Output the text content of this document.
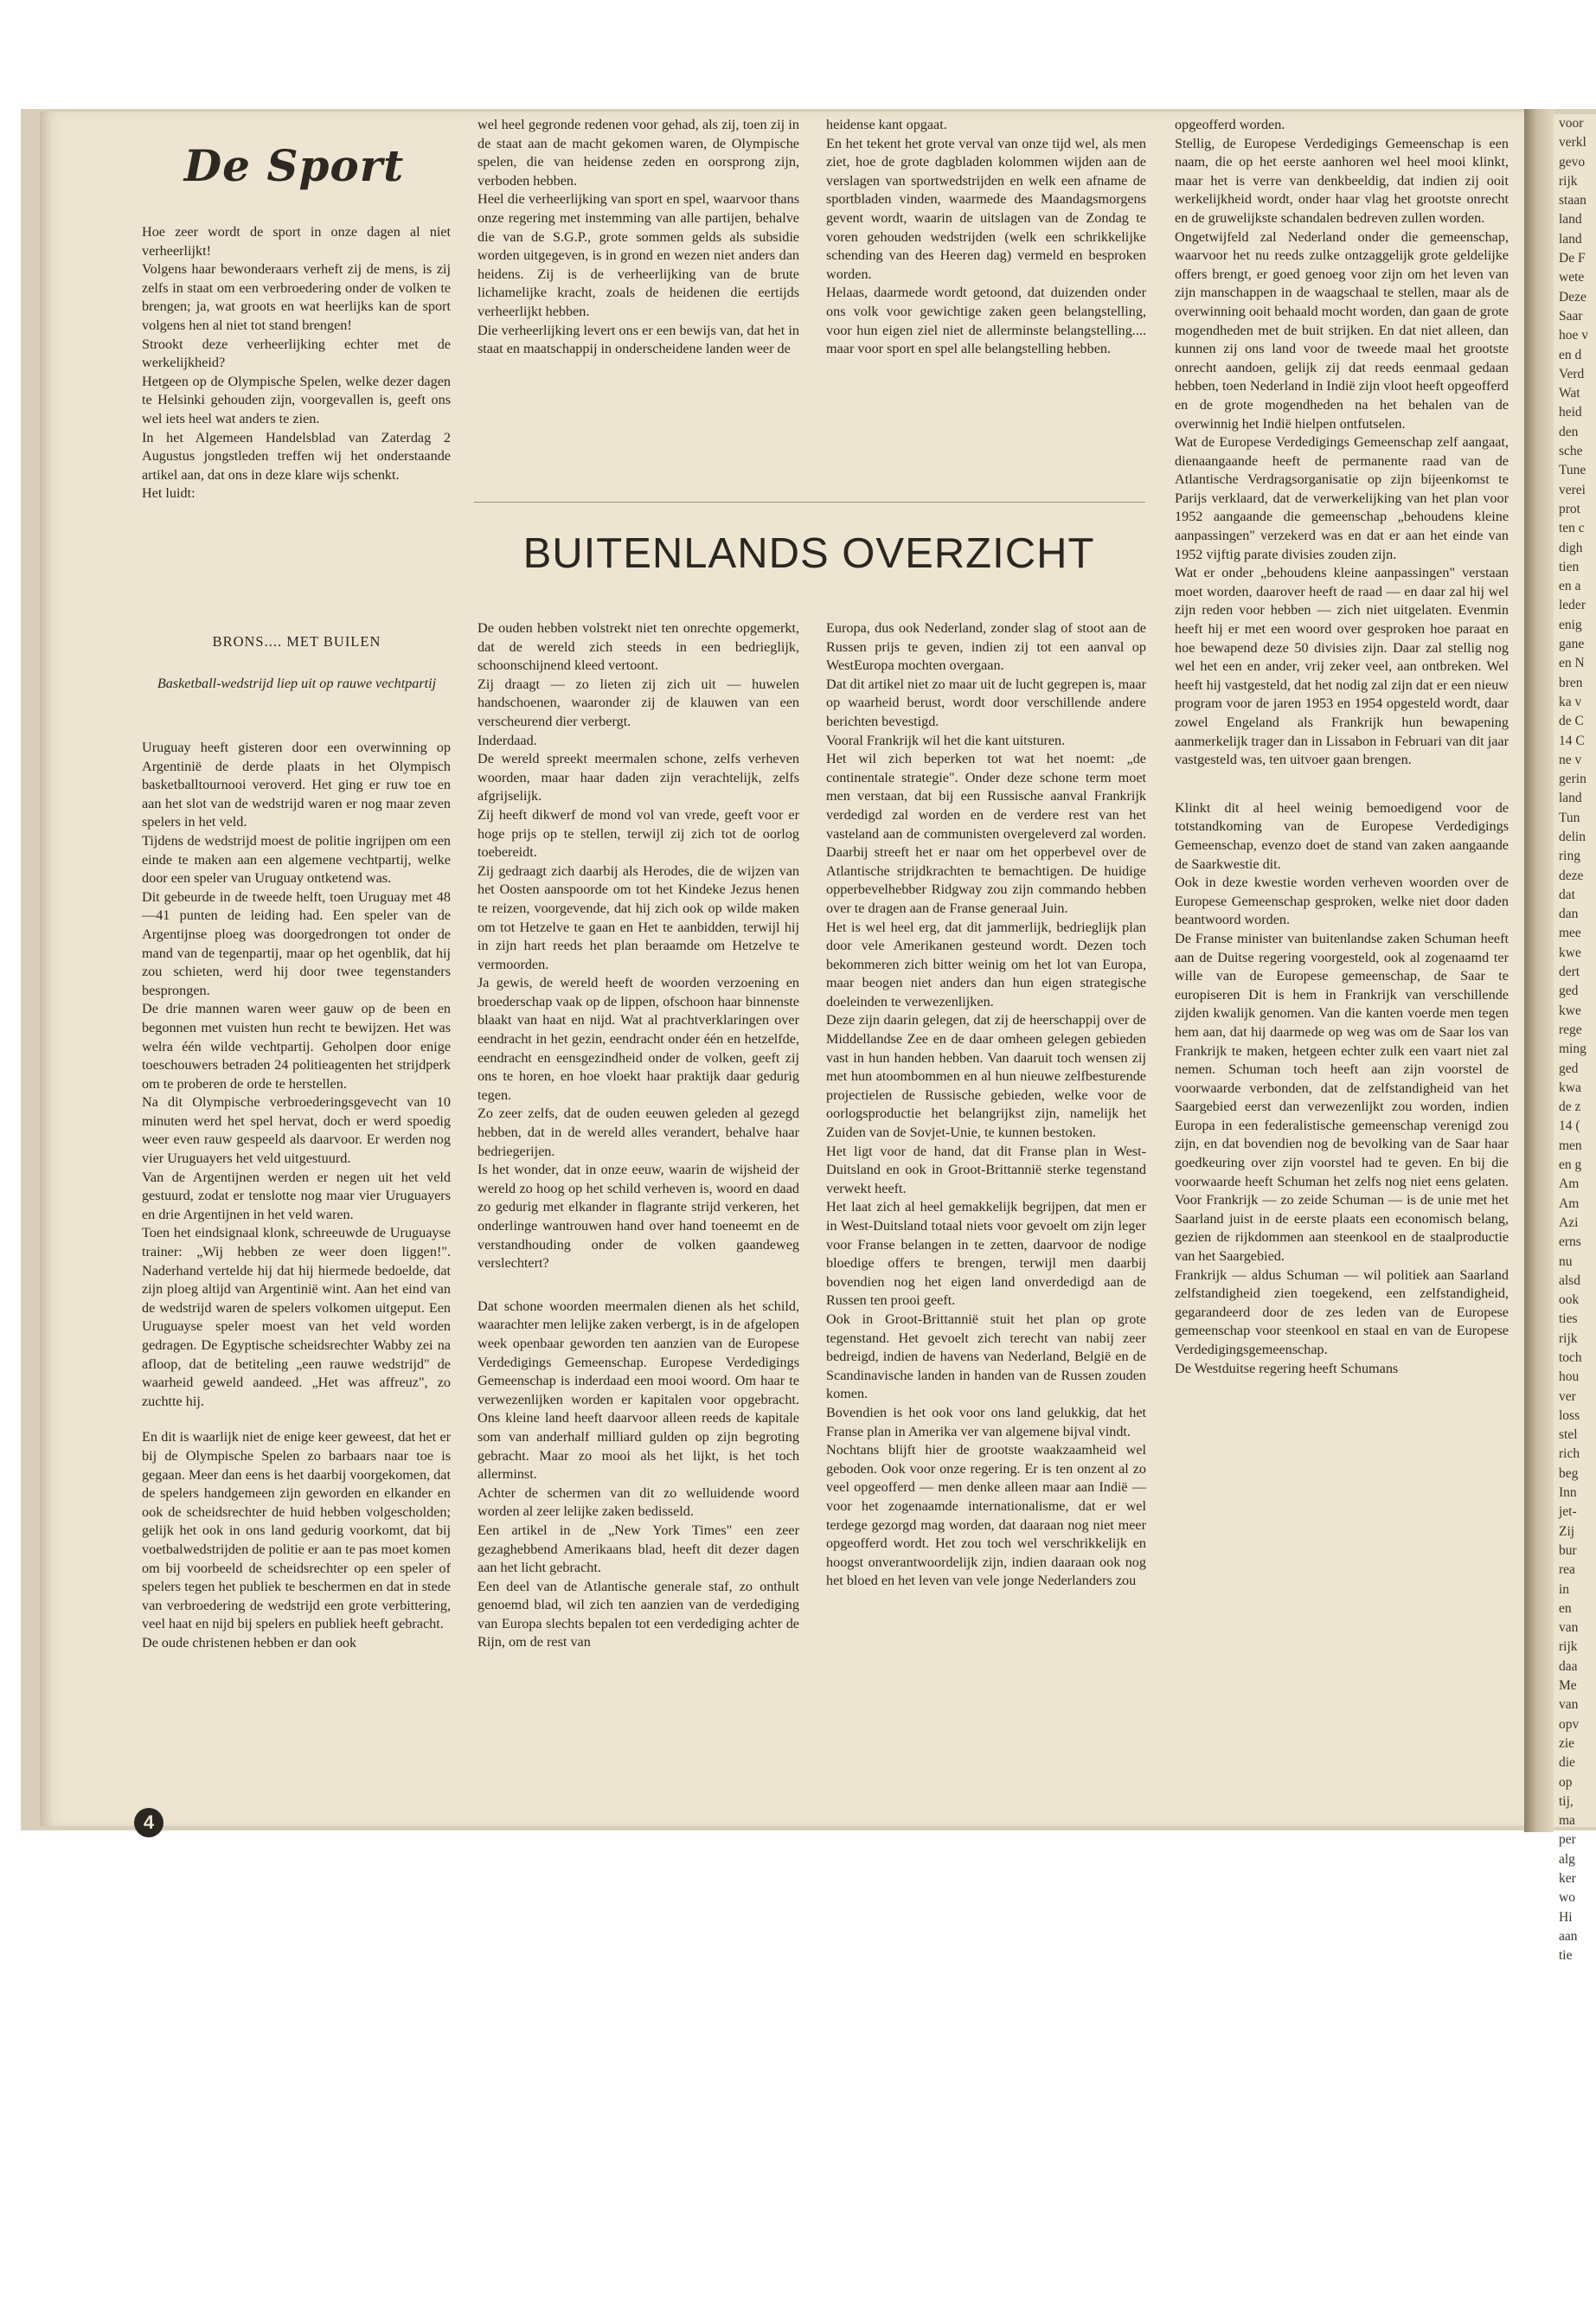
voor
verkl
gevo
rijk
staan
land
land
De F
wete
Deze
Saar
hoe v
en d
Verd
Wat
heid
den
sche
Tune
verei
prot
ten c
digh
tien
en a
leder
enig
gane
en N
bren
ka v
de C
14 C
ne v
gerin
land
Tun
delin
ring
deze
dat
dan
mee
kwe
dert
ged
kwe
rege
ming
ged
kwa
de z
14 (
men
en g
Am
Am
Azi
erns
nu
alsd
ook
ties
rijk
toch
hou
ver
loss
stel
rich
beg
Inn
jet-
Zij
bur
rea
in
en
van
rijk
daa
Me
van
opv
zie
die
op
tij,
ma
per
alg
ker
wo
Hi
aan
tie
De Sport

Hoe zeer wordt de sport in onze dagen al niet verheerlijkt!

Volgens haar bewonderaars verheft zij de mens, is zij zelfs in staat om een verbroedering onder de volken te brengen; ja, wat groots en wat heerlijks kan de sport volgens hen al niet tot stand brengen!

Strookt deze verheerlijking echter met de werkelijkheid?

Hetgeen op de Olympische Spelen, welke dezer dagen te Helsinki gehouden zijn, voorgevallen is, geeft ons wel iets heel wat anders te zien.

In het Algemeen Handelsblad van Zaterdag 2 Augustus jongstleden treffen wij het onderstaande artikel aan, dat ons in deze klare wijs schenkt.

Het luidt:

BRONS.... MET BUILEN
Basketball-wedstrijd liep uit op rauwe vechtpartij

Uruguay heeft gisteren door een overwinning op Argentinië de derde plaats in het Olympisch basketballtournooi veroverd. Het ging er ruw toe en aan het slot van de wedstrijd waren er nog maar zeven spelers in het veld.

Tijdens de wedstrijd moest de politie ingrijpen om een einde te maken aan een algemene vechtpartij, welke door een speler van Uruguay ontketend was.

Dit gebeurde in de tweede helft, toen Uruguay met 48—41 punten de leiding had. Een speler van de Argentijnse ploeg was doorgedrongen tot onder de mand van de tegenpartij, maar op het ogenblik, dat hij zou schieten, werd hij door twee tegenstanders besprongen.

De drie mannen waren weer gauw op de been en begonnen met vuisten hun recht te bewijzen. Het was welra één wilde vechtpartij. Geholpen door enige toeschouwers betraden 24 politieagenten het strijdperk om te proberen de orde te herstellen.

Na dit Olympische verbroederingsgevecht van 10 minuten werd het spel hervat, doch er werd spoedig weer even rauw gespeeld als daarvoor. Er werden nog vier Uruguayers het veld uitgestuurd.

Van de Argentijnen werden er negen uit het veld gestuurd, zodat er tenslotte nog maar vier Uruguayers en drie Argentijnen in het veld waren.

Toen het eindsignaal klonk, schreeuwde de Uruguayse trainer: „Wij hebben ze weer doen liggen!". Naderhand vertelde hij dat hij hiermede bedoelde, dat zijn ploeg altijd van Argentinië wint. Aan het eind van de wedstrijd waren de spelers volkomen uitgeput. Een Uruguayse speler moest van het veld worden gedragen. De Egyptische scheidsrechter Wabby zei na afloop, dat de betiteling „een rauwe wedstrijd" de waarheid geweld aandeed. „Het was affreuz", zo zuchtte hij.

En dit is waarlijk niet de enige keer geweest, dat het er bij de Olympische Spelen zo barbaars naar toe is gegaan. Meer dan eens is het daarbij voorgekomen, dat de spelers handgemeen zijn geworden en elkander en ook de scheidsrechter de huid hebben volgescholden; gelijk het ook in ons land gedurig voorkomt, dat bij voetbalwedstrijden de politie er aan te pas moet komen om bij voorbeeld de scheidsrechter op een speler of spelers tegen het publiek te beschermen en dat in stede van verbroedering de wedstrijd een grote verbittering, veel haat en nijd bij spelers en publiek heeft gebracht.

De oude christenen hebben er dan ook

wel heel gegronde redenen voor gehad, als zij, toen zij in de staat aan de macht gekomen waren, de Olympische spelen, die van heidense zeden en oorsprong zijn, verboden hebben.

Heel die verheerlijking van sport en spel, waarvoor thans onze regering met instemming van alle partijen, behalve die van de S.G.P., grote sommen gelds als subsidie worden uitgegeven, is in grond en wezen niet anders dan heidens. Zij is de verheerlijking van de brute lichamelijke kracht, zoals de heidenen die eertijds verheerlijkt hebben.

Die verheerlijking levert ons er een bewijs van, dat het in staat en maatschappij in onderscheidene landen weer de

heidense kant opgaat.

En het tekent het grote verval van onze tijd wel, als men ziet, hoe de grote dagbladen kolommen wijden aan de verslagen van sportwedstrijden en welk een afname de sportbladen vinden, waarmede des Maandagsmorgens gevent wordt, waarin de uitslagen van de Zondag te voren gehouden wedstrijden (welk een schrikkelijke schending van des Heeren dag) vermeld en besproken worden.

Helaas, daarmede wordt getoond, dat duizenden onder ons volk voor gewichtige zaken geen belangstelling, voor hun eigen ziel niet de allerminste belangstelling.... maar voor sport en spel alle belangstelling hebben.

BUITENLANDS OVERZICHT

De ouden hebben volstrekt niet ten onrechte opgemerkt, dat de wereld zich steeds in een bedrieglijk, schoonschijnend kleed vertoont.

Zij draagt — zo lieten zij zich uit — huwelen handschoenen, waaronder zij de klauwen van een verscheurend dier verbergt.

Inderdaad.

De wereld spreekt meermalen schone, zelfs verheven woorden, maar haar daden zijn verachtelijk, zelfs afgrijselijk.

Zij heeft dikwerf de mond vol van vrede, geeft voor er hoge prijs op te stellen, terwijl zij zich tot de oorlog toebereidt.

Zij gedraagt zich daarbij als Herodes, die de wijzen van het Oosten aanspoorde om tot het Kindeke Jezus henen te reizen, voorgevende, dat hij zich ook op wilde maken om tot Hetzelve te gaan en Het te aanbidden, terwijl hij in zijn hart reeds het plan beraamde om Hetzelve te vermoorden.

Ja gewis, de wereld heeft de woorden verzoening en broederschap vaak op de lippen, ofschoon haar binnenste blaakt van haat en nijd. Wat al prachtverklaringen over eendracht in het gezin, eendracht onder één en hetzelfde, eendracht en eensgezindheid onder de volken, geeft zij ons te horen, en hoe vloekt haar praktijk daar gedurig tegen.

Zo zeer zelfs, dat de ouden eeuwen geleden al gezegd hebben, dat in de wereld alles verandert, behalve haar bedriegerijen.

Is het wonder, dat in onze eeuw, waarin de wijsheid der wereld zo hoog op het schild verheven is, woord en daad zo gedurig met elkander in flagrante strijd verkeren, het onderlinge wantrouwen hand over hand toeneemt en de verstandhouding onder de volken gaandeweg verslechtert?

Dat schone woorden meermalen dienen als het schild, waarachter men lelijke zaken verbergt, is in de afgelopen week openbaar geworden ten aanzien van de Europese Verdedigings Gemeenschap. Europese Verdedigings Gemeenschap is inderdaad een mooi woord. Om haar te verwezenlijken worden er kapitalen voor opgebracht. Ons kleine land heeft daarvoor alleen reeds de kapitale som van anderhalf milliard gulden op zijn begroting gebracht. Maar zo mooi als het lijkt, is het toch allerminst.

Achter de schermen van dit zo welluidende woord worden al zeer lelijke zaken bedisseld.

Een artikel in de „New York Times" een zeer gezaghebbend Amerikaans blad, heeft dit dezer dagen aan het licht gebracht.

Een deel van de Atlantische generale staf, zo onthult genoemd blad, wil zich ten aanzien van de verdediging van Europa slechts bepalen tot een verdediging achter de Rijn, om de rest van

Europa, dus ook Nederland, zonder slag of stoot aan de Russen prijs te geven, indien zij tot een aanval op WestEuropa mochten overgaan.

Dat dit artikel niet zo maar uit de lucht gegrepen is, maar op waarheid berust, wordt door verschillende andere berichten bevestigd.

Vooral Frankrijk wil het die kant uitsturen.

Het wil zich beperken tot wat het noemt: „de continentale strategie". Onder deze schone term moet men verstaan, dat bij een Russische aanval Frankrijk verdedigd zal worden en de verdere rest van het vasteland aan de communisten overgeleverd zal worden. Daarbij streeft het er naar om het opperbevel over de Atlantische strijdkrachten te bemachtigen. De huidige opperbevelhebber Ridgway zou zijn commando hebben over te dragen aan de Franse generaal Juin.

Het is wel heel erg, dat dit jammerlijk, bedrieglijk plan door vele Amerikanen gesteund wordt. Dezen toch bekommeren zich bitter weinig om het lot van Europa, maar beogen niet anders dan hun eigen strategische doeleinden te verwezenlijken.

Deze zijn daarin gelegen, dat zij de heerschappij over de Middellandse Zee en de daar omheen gelegen gebieden vast in hun handen hebben. Van daaruit toch wensen zij met hun atoombommen en al hun nieuwe zelfbesturende projectielen de Russische gebieden, welke voor de oorlogsproductie het belangrijkst zijn, namelijk het Zuiden van de Sovjet-Unie, te kunnen bestoken.

Het ligt voor de hand, dat dit Franse plan in West-Duitsland en ook in Groot-Brittannië sterke tegenstand verwekt heeft.

Het laat zich al heel gemakkelijk begrijpen, dat men er in West-Duitsland totaal niets voor gevoelt om zijn leger voor Franse belangen in te zetten, daarvoor de nodige bloedige offers te brengen, terwijl men daarbij bovendien nog het eigen land onverdedigd aan de Russen ten prooi geeft.

Ook in Groot-Brittannië stuit het plan op grote tegenstand. Het gevoelt zich terecht van nabij zeer bedreigd, indien de havens van Nederland, België en de Scandinavische landen in handen van de Russen zouden komen.

Bovendien is het ook voor ons land gelukkig, dat het Franse plan in Amerika ver van algemene bijval vindt.

Nochtans blijft hier de grootste waakzaamheid wel geboden. Ook voor onze regering. Er is ten onzent al zo veel opgeofferd — men denke alleen maar aan Indië — voor het zogenaamde internationalisme, dat er wel terdege gezorgd mag worden, dat daaraan nog niet meer opgeofferd wordt. Het zou toch wel verschrikkelijk en hoogst onverantwoordelijk zijn, indien daaraan ook nog het bloed en het leven van vele jonge Nederlanders zou

opgeofferd worden.

Stellig, de Europese Verdedigings Gemeenschap is een naam, die op het eerste aanhoren wel heel mooi klinkt, maar het is verre van denkbeeldig, dat indien zij ooit werkelijkheid wordt, onder haar vlag het grootste onrecht en de gruwelijkste schandalen bedreven zullen worden.

Ongetwijfeld zal Nederland onder die gemeenschap, waarvoor het nu reeds zulke ontzaggelijk grote geldelijke offers brengt, er goed genoeg voor zijn om het leven van zijn manschappen in de waagschaal te stellen, maar als de overwinning ooit behaald mocht worden, dan gaan de grote mogendheden met de buit strijken. En dat niet alleen, dan kunnen zij ons land voor de tweede maal het grootste onrecht aandoen, gelijk zij dat reeds eenmaal gedaan hebben, toen Nederland in Indië zijn vloot heeft opgeofferd en de grote mogendheden na het behalen van de overwinnig het Indië hielpen ontfutselen.

Wat de Europese Verdedigings Gemeenschap zelf aangaat, dienaangaande heeft de permanente raad van de Atlantische Verdragsorganisatie op zijn bijeenkomst te Parijs verklaard, dat de verwerkelijking van het plan voor 1952 aangaande die gemeenschap „behoudens kleine aanpassingen" verzekerd was en dat er aan het einde van 1952 vijftig parate divisies zouden zijn.

Wat er onder „behoudens kleine aanpassingen" verstaan moet worden, daarover heeft de raad — en daar zal hij wel zijn reden voor hebben — zich niet uitgelaten. Evenmin heeft hij er met een woord over gesproken hoe paraat en hoe bewapend deze 50 divisies zijn. Daar zal stellig nog wel het een en ander, vrij zeker veel, aan ontbreken. Wel heeft hij vastgesteld, dat het nodig zal zijn dat er een nieuw program voor de jaren 1953 en 1954 opgesteld wordt, daar zowel Engeland als Frankrijk hun bewapening aanmerkelijk trager dan in Lissabon in Februari van dit jaar vastgesteld was, ten uitvoer gaan brengen.

Klinkt dit al heel weinig bemoedigend voor de totstandkoming van de Europese Verdedigings Gemeenschap, evenzo doet de stand van zaken aangaande de Saarkwestie dit.

Ook in deze kwestie worden verheven woorden over de Europese Gemeenschap gesproken, welke niet door daden beantwoord worden.

De Franse minister van buitenlandse zaken Schuman heeft aan de Duitse regering voorgesteld, ook al zogenaamd ter wille van de Europese gemeenschap, de Saar te europiseren Dit is hem in Frankrijk van verschillende zijden kwalijk genomen. Van die kanten voerde men tegen hem aan, dat hij daarmede op weg was om de Saar los van Frankrijk te maken, hetgeen echter zulk een vaart niet zal nemen. Schuman toch heeft aan zijn voorstel de voorwaarde verbonden, dat de zelfstandigheid van het Saargebied eerst dan verwezenlijkt zou worden, indien Europa in een federalistische gemeenschap verenigd zou zijn, en dat bovendien nog de bevolking van de Saar haar goedkeuring over zijn voorstel had te geven. En bij die voorwaarde heeft Schuman het zelfs nog niet eens gelaten. Voor Frankrijk — zo zeide Schuman — is de unie met het Saarland juist in de eerste plaats een economisch belang, gezien de rijkdommen aan steenkool en de staalproductie van het Saargebied.

Frankrijk — aldus Schuman — wil politiek aan Saarland zelfstandigheid zien toegekend, een zelfstandigheid, gegarandeerd door de zes leden van de Europese gemeenschap voor steenkool en staal en van de Europese Verdedigingsgemeenschap.

De Westduitse regering heeft Schumans

4
